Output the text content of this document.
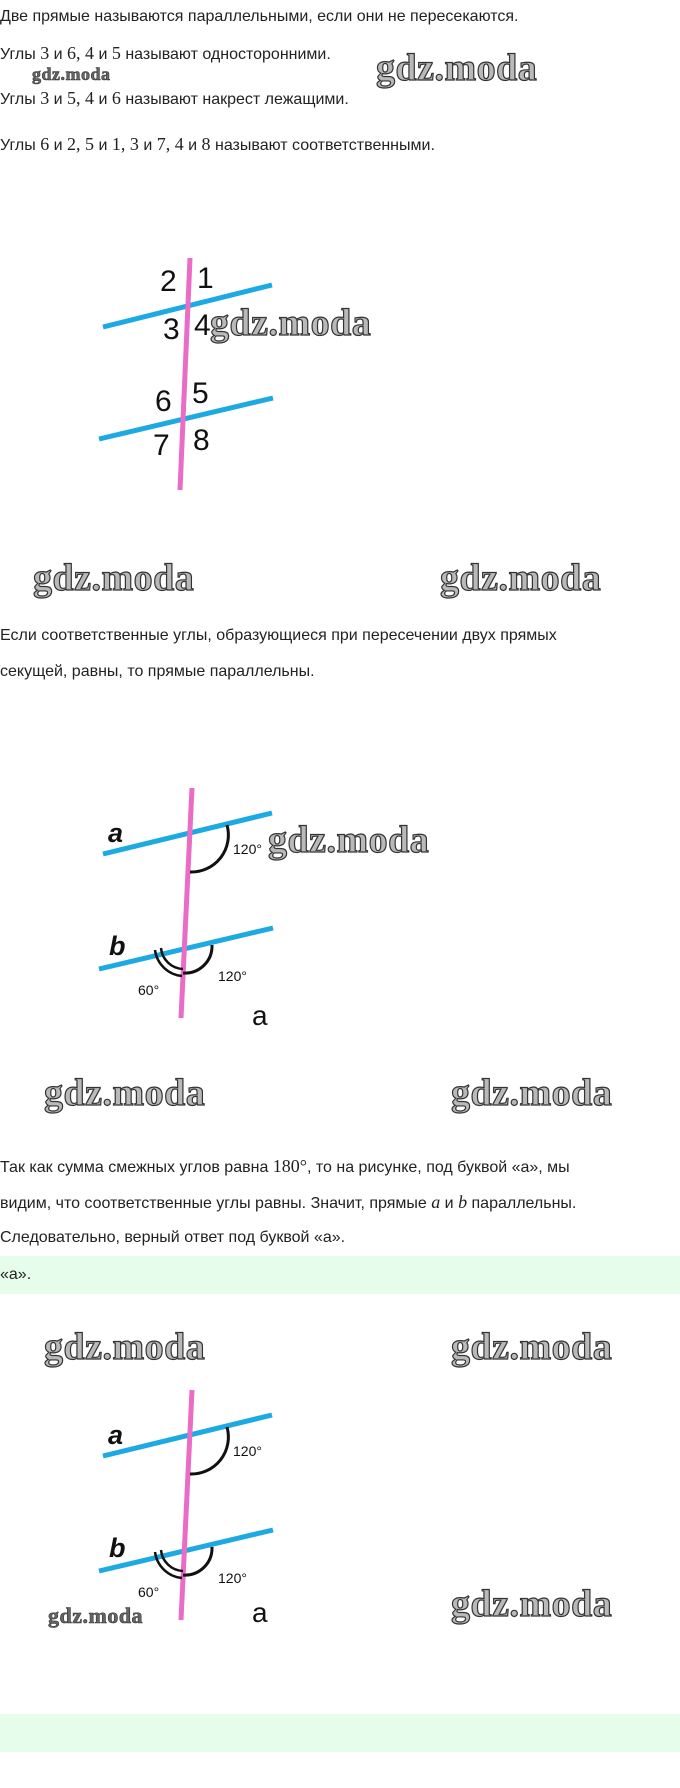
Две прямые называются параллельными, если они не пересекаются.
Углы 3 и 6, 4 и 5 называют односторонними.
Углы 3 и 5, 4 и 6 называют накрест лежащими.
Углы 6 и 2, 5 и 1, 3 и 7, 4 и 8 называют соответственными.
gdz.moda
gdz.moda
2 1
3 4
6 5
7 8
gdz.moda
gdz.moda	gdz.moda
Если соответственные углы, образующиеся при пересечении двух прямых
секущей, равны, то прямые параллельны.
a
b
120°
120°
60°
а
gdz.moda
gdz.moda	gdz.moda
Так как сумма смежных углов равна 180°, то на рисунке, под буквой «а», мы
видим, что соответственные углы равны. Значит, прямые a и b параллельны.
Следовательно, верный ответ под буквой «а».
«а».
gdz.moda	gdz.moda
a
b
120°
120°
60°
а
gdz.moda	gdz.moda
